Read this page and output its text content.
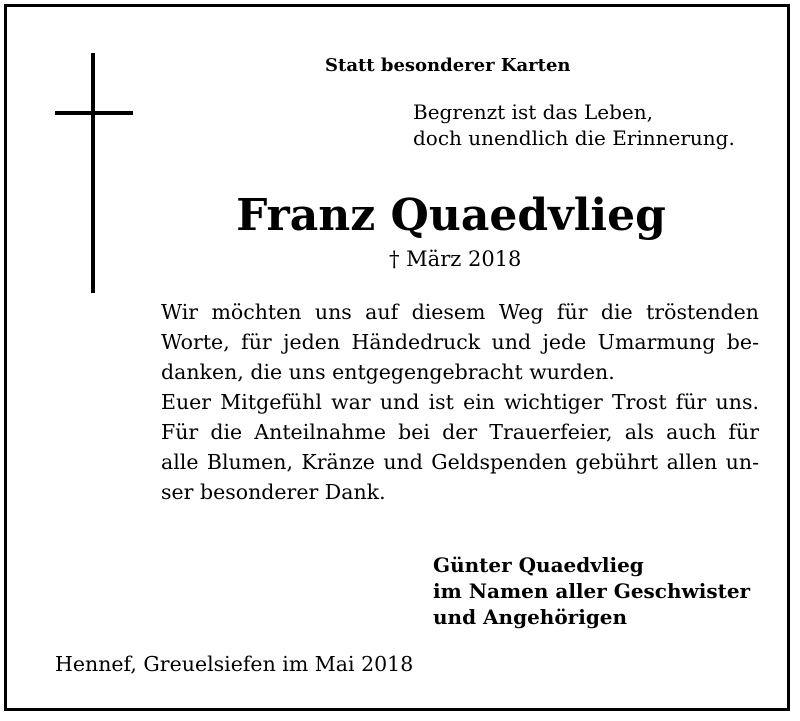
Statt besonderer Karten
Begrenzt ist das Leben,
doch unendlich die Erinnerung.
Franz Quaedvlieg
† März 2018
Wir möchten uns auf diesem Weg für die tröstenden
Worte, für jeden Händedruck und jede Umarmung be-
danken, die uns entgegengebracht wurden.
Euer Mitgefühl war und ist ein wichtiger Trost für uns.
Für die Anteilnahme bei der Trauerfeier, als auch für
alle Blumen, Kränze und Geldspenden gebührt allen un-
ser besonderer Dank.
Günter Quaedvlieg
im Namen aller Geschwister
und Angehörigen
Hennef, Greuelsiefen im Mai 2018
